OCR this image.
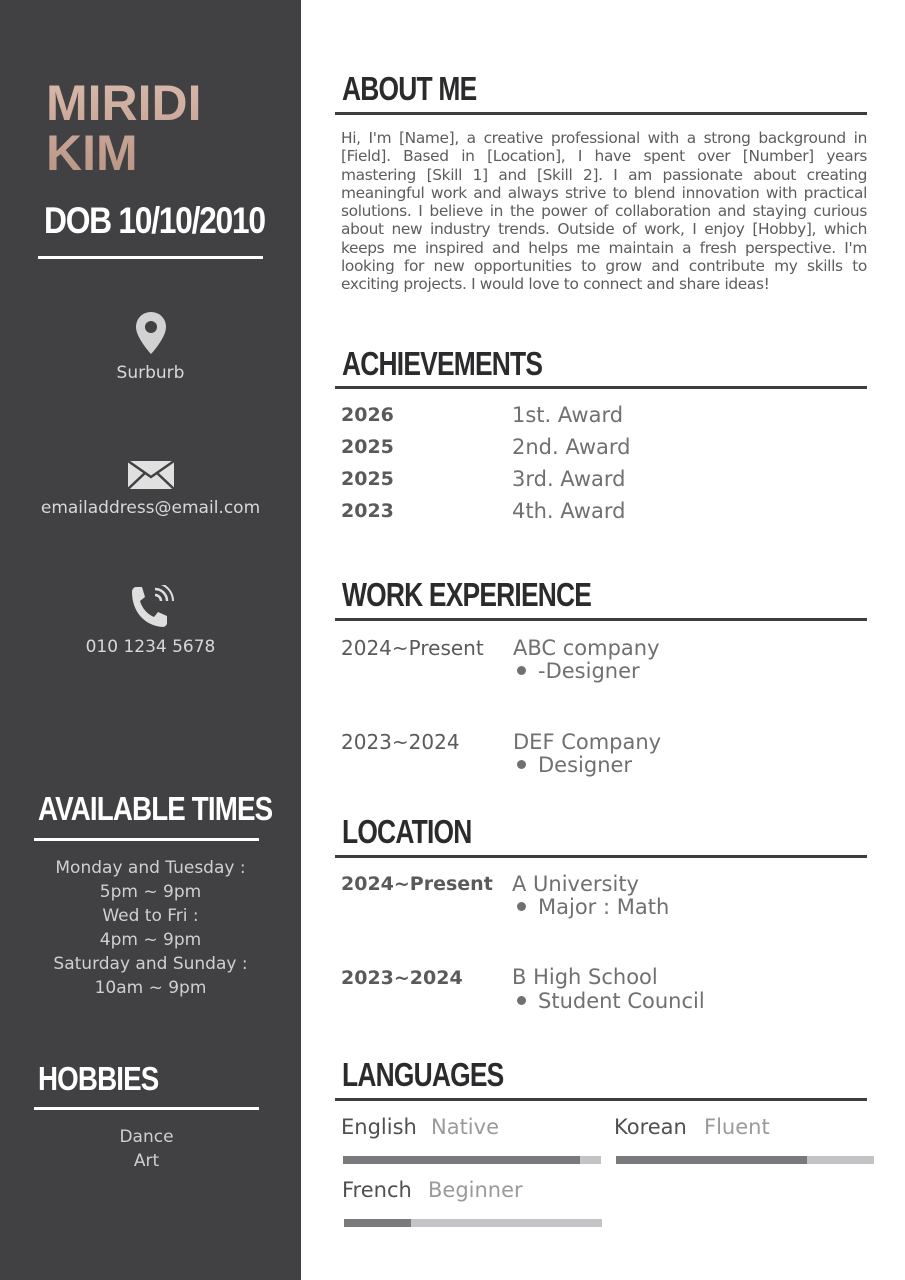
MIRIDI
KIM
DOB 10/10/2010
Surburb
emailaddress@email.com
010 1234 5678
AVAILABLE TIMES
Monday and Tuesday :
5pm ~ 9pm
Wed to Fri :
4pm ~ 9pm
Saturday and Sunday :
10am ~ 9pm
HOBBIES
Dance
Art
ABOUT ME
Hi, I'm [Name], a creative professional with a strong background in [Field]. Based in [Location], I have spent over [Number] years mastering [Skill 1] and [Skill 2]. I am passionate about creating meaningful work and always strive to blend innovation with practical solutions. I believe in the power of collaboration and staying curious about new industry trends. Outside of work, I enjoy [Hobby], which keeps me inspired and helps me maintain a fresh perspective. I'm looking for new opportunities to grow and contribute my skills to exciting projects. I would love to connect and share ideas!
ACHIEVEMENTS
2026	1st. Award
2025	2nd. Award
2025	3rd. Award
2023	4th. Award
WORK EXPERIENCE
2024~Present ABC company
-Designer
2023~2024	DEF Company
Designer
LOCATION
2024~Present A University
Major : Math
2023~2024 B High School
Student Council
LANGUAGES
English Native	Korean Fluent
French Beginner
